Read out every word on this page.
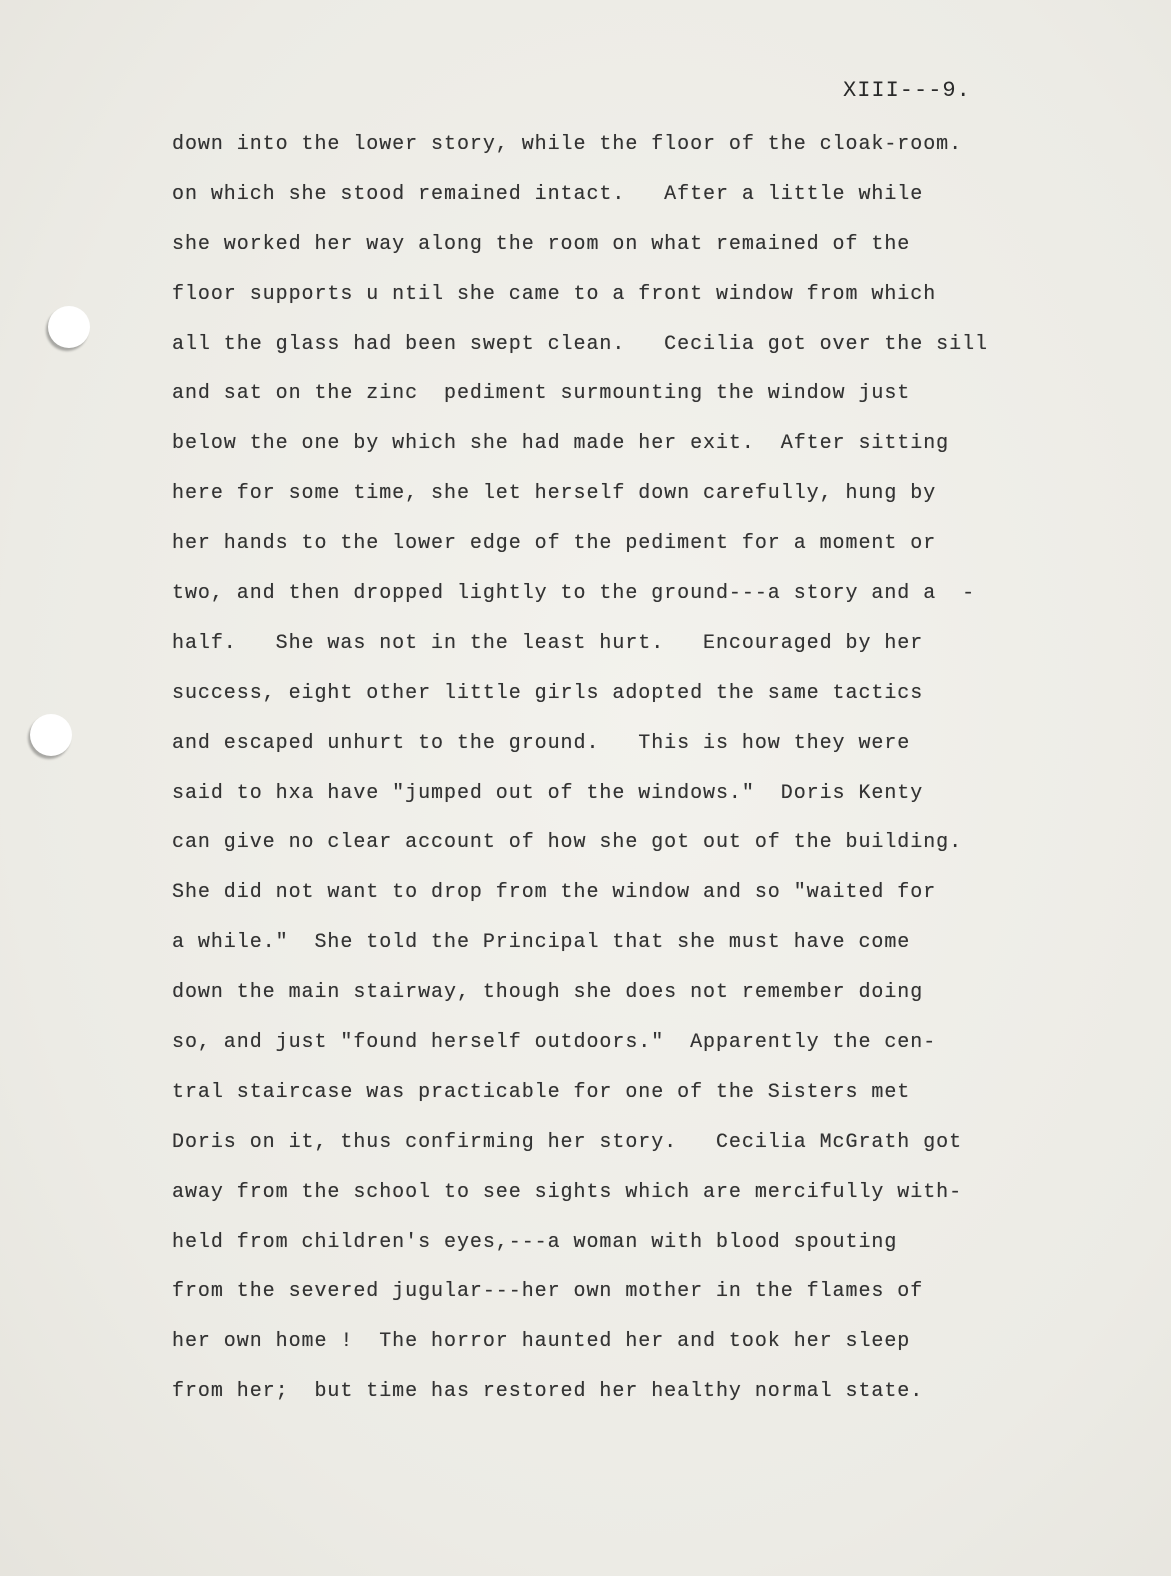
XIII---9.
down into the lower story, while the floor of the cloak-room.
on which she stood remained intact.   After a little while
she worked her way along the room on what remained of the
floor supports u ntil she came to a front window from which
all the glass had been swept clean.   Cecilia got over the sill
and sat on the zinc  pediment surmounting the window just
below the one by which she had made her exit.  After sitting
here for some time, she let herself down carefully, hung by
her hands to the lower edge of the pediment for a moment or
two, and then dropped lightly to the ground---a story and a  -
half.   She was not in the least hurt.   Encouraged by her
success, eight other little girls adopted the same tactics
and escaped unhurt to the ground.   This is how they were
said to hxa have "jumped out of the windows."  Doris Kenty
can give no clear account of how she got out of the building.
She did not want to drop from the window and so "waited for
a while."  She told the Principal that she must have come
down the main stairway, though she does not remember doing
so, and just "found herself outdoors."  Apparently the cen-
tral staircase was practicable for one of the Sisters met
Doris on it, thus confirming her story.   Cecilia McGrath got
away from the school to see sights which are mercifully with-
held from children's eyes,---a woman with blood spouting
from the severed jugular---her own mother in the flames of
her own home !  The horror haunted her and took her sleep
from her;  but time has restored her healthy normal state.
